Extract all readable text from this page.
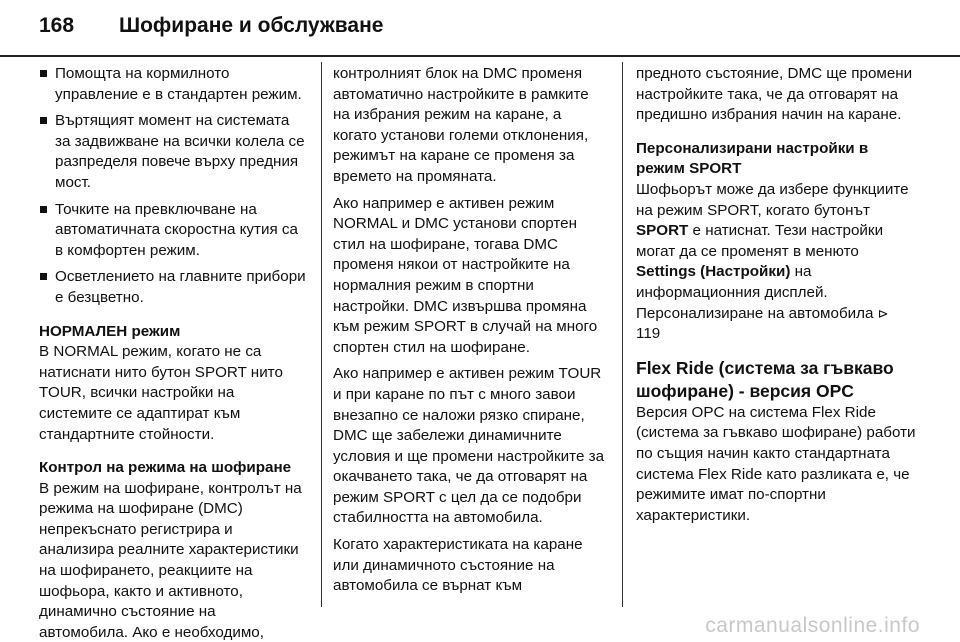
168	Шофиране и обслужване
Помощта на кормилното управление е в стандартен режим.
Въртящият момент на системата за задвижване на всички колела се разпределя повече върху предния мост.
Точките на превключване на автоматичната скоростна кутия са в комфортен режим.
Осветлението на главните прибори е безцветно.
НОРМАЛЕН режим
В NORMAL режим, когато не са натиснати нито бутон SPORT нито TOUR, всички настройки на системите се адаптират към стандартните стойности.
Контрол на режима на шофиране
В режим на шофиране, контролът на режима на шофиране (DMC) непрекъснато регистрира и анализира реалните характеристики на шофирането, реакциите на шофьора, както и активното, динамично състояние на автомобила. Ако е необходимо,
контролният блок на DMC променя автоматично настройките в рамките на избрания режим на каране, а когато установи големи отклонения, режимът на каране се променя за времето на промяната.
Ако например е активен режим NORMAL и DMC установи спортен стил на шофиране, тогава DMC променя някои от настройките на нормалния режим в спортни настройки. DMC извършва промяна към режим SPORT в случай на много спортен стил на шофиране.
Ако например е активен режим TOUR и при каране по път с много завои внезапно се наложи рязко спиране, DMC ще забележи динамичните условия и ще промени настройките за окачването така, че да отговарят на режим SPORT с цел да се подобри стабилността на автомобила.
Когато характеристиката на каране или динамичното състояние на автомобила се върнат към
предното състояние, DMC ще промени настройките така, че да отговарят на предишно избрания начин на каране.
Персонализирани настройки в режим SPORT
Шофьорът може да избере функциите на режим SPORT, когато бутонът SPORT е натиснат. Тези настройки могат да се променят в менюто Settings (Настройки) на информационния дисплей. Персонализиране на автомобила ⊳ 119
Flex Ride (система за гъвкаво шофиране) - версия OPC
Версия OPC на система Flex Ride (система за гъвкаво шофиране) работи по същия начин както стандартната система Flex Ride като разликата е, че режимите имат по-спортни характеристики.
carmanualsonline.info
